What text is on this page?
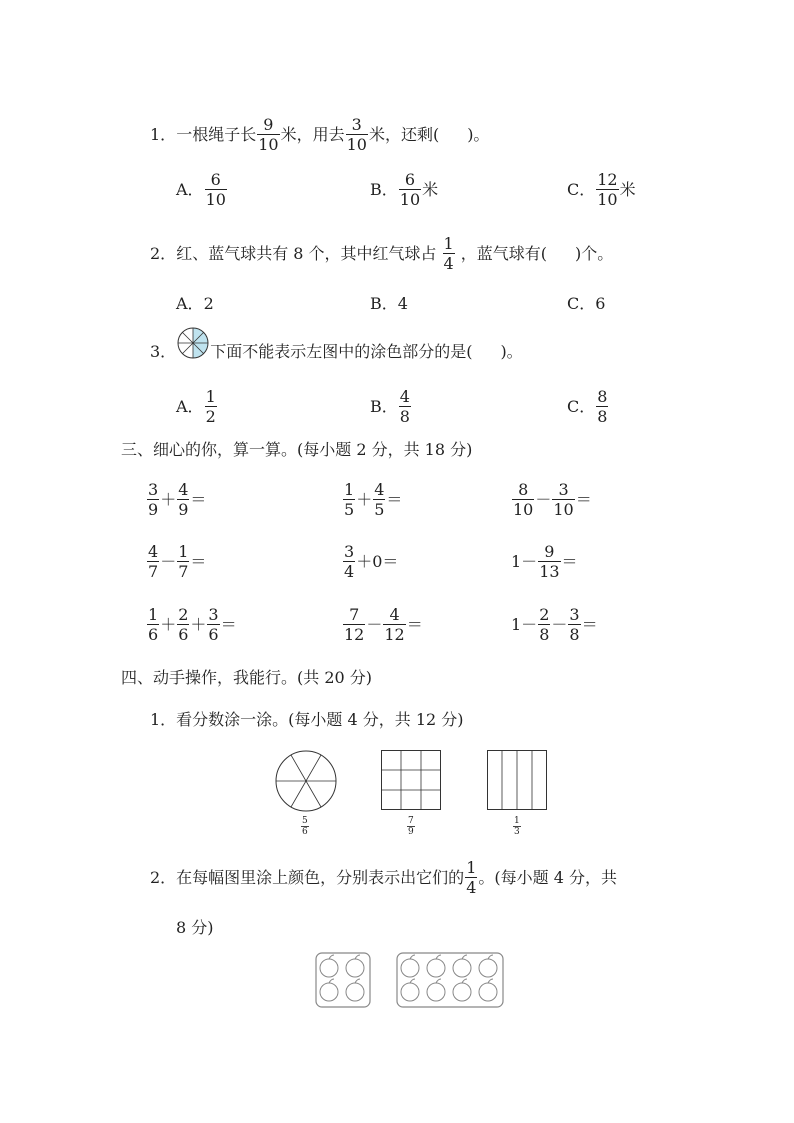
1． 一根绳子长 9
10
米，用去 3
10
米，还剩( )。
A． 6
10
B． 6
10
米	C． 12
10
米
2． 红、蓝气球共有 8 个，其中红气球占 1
4
，蓝气球有( )个。
A． 2	B． 4	C． 6
3． 下面不能表示左图中的涂色部分的是( )。
A． 1
2
B． 4
8
C． 8
8
三、细心的你，算一算。(每小题 2 分，共 18 分)
3
9
＋ 4
9
＝	1
5
＋ 4
5
＝	8
10
－ 3
10
＝
4
7
－ 1
7
＝	3
4
＋0＝	1－ 9
13
＝
1
6
＋ 2
6
＋ 3
6
＝	7
12
－ 4
12
＝	1－ 2
8
－ 3
8
＝
四、动手操作，我能行。(共 20 分)
1．看分数涂一涂。(每小题 4 分，共 12 分)
5
6
7
9
1
3
2．在每幅图里涂上颜色，分别表示出它们的 1
4
。(每小题 4 分，共
8 分)
